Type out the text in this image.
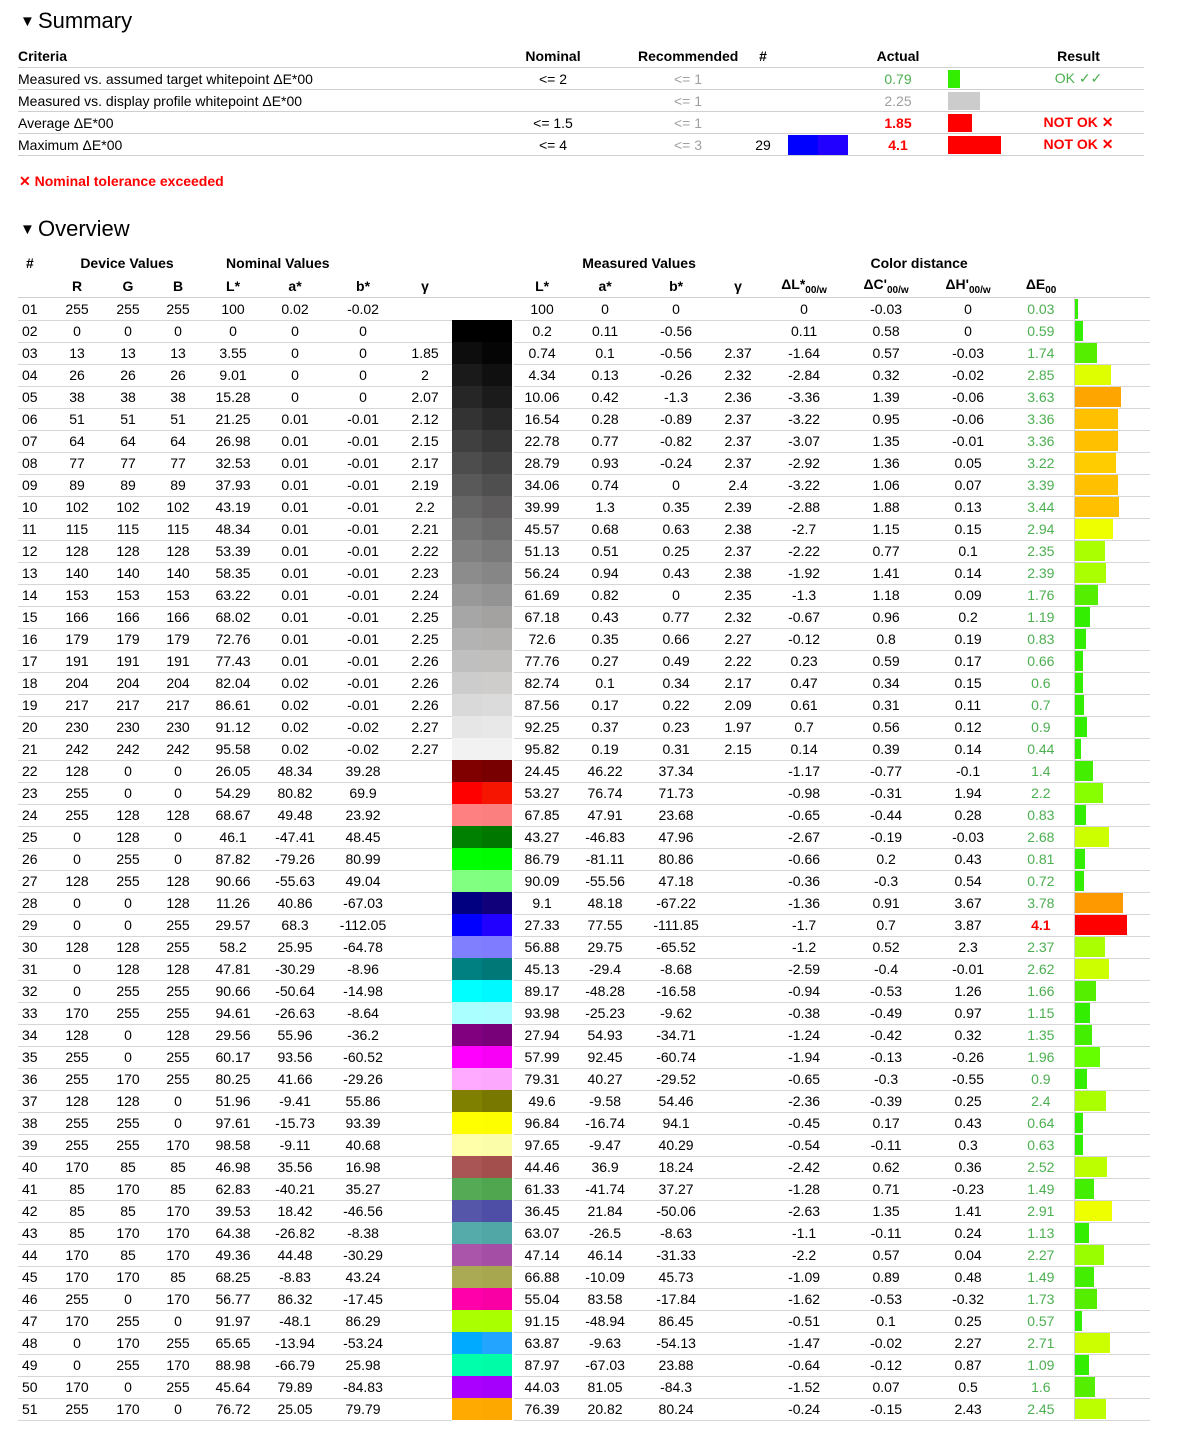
▼ Summary
Criteria	Nominal	Recommended	#		Actual		Result
Measured vs. assumed target whitepoint ΔE*00	<= 2	<= 1			0.79		OK ✓✓
Measured vs. display profile whitepoint ΔE*00		<= 1			2.25		
Average ΔE*00	<= 1.5	<= 1			1.85		NOT OK ✕
Maximum ΔE*00	<= 4	<= 3	29		4.1		NOT OK ✕
✕ Nominal tolerance exceeded
▼ Overview
#	Device Values			Nominal Values					Measured Values				Color distance				
	R	G	B	L*	a*	b*	γ		L*	a*	b*	γ	$\Delta L*_{00/w}$	$\Delta C'_{00/w}$	$\Delta H'_{00/w}$	$\Delta E_{00}$	
01	255	255	255	100	0.02	-0.02			100	0	0		0	-0.03	0	0.03	
02	0	0	0	0	0	0			0.2	0.11	-0.56		0.11	0.58	0	0.59	
03	13	13	13	3.55	0	0	1.85		0.74	0.1	-0.56	2.37	-1.64	0.57	-0.03	1.74	
04	26	26	26	9.01	0	0	2		4.34	0.13	-0.26	2.32	-2.84	0.32	-0.02	2.85	
05	38	38	38	15.28	0	0	2.07		10.06	0.42	-1.3	2.36	-3.36	1.39	-0.06	3.63	
06	51	51	51	21.25	0.01	-0.01	2.12		16.54	0.28	-0.89	2.37	-3.22	0.95	-0.06	3.36	
07	64	64	64	26.98	0.01	-0.01	2.15		22.78	0.77	-0.82	2.37	-3.07	1.35	-0.01	3.36	
08	77	77	77	32.53	0.01	-0.01	2.17		28.79	0.93	-0.24	2.37	-2.92	1.36	0.05	3.22	
09	89	89	89	37.93	0.01	-0.01	2.19		34.06	0.74	0	2.4	-3.22	1.06	0.07	3.39	
10	102	102	102	43.19	0.01	-0.01	2.2		39.99	1.3	0.35	2.39	-2.88	1.88	0.13	3.44	
11	115	115	115	48.34	0.01	-0.01	2.21		45.57	0.68	0.63	2.38	-2.7	1.15	0.15	2.94	
12	128	128	128	53.39	0.01	-0.01	2.22		51.13	0.51	0.25	2.37	-2.22	0.77	0.1	2.35	
13	140	140	140	58.35	0.01	-0.01	2.23		56.24	0.94	0.43	2.38	-1.92	1.41	0.14	2.39	
14	153	153	153	63.22	0.01	-0.01	2.24		61.69	0.82	0	2.35	-1.3	1.18	0.09	1.76	
15	166	166	166	68.02	0.01	-0.01	2.25		67.18	0.43	0.77	2.32	-0.67	0.96	0.2	1.19	
16	179	179	179	72.76	0.01	-0.01	2.25		72.6	0.35	0.66	2.27	-0.12	0.8	0.19	0.83	
17	191	191	191	77.43	0.01	-0.01	2.26		77.76	0.27	0.49	2.22	0.23	0.59	0.17	0.66	
18	204	204	204	82.04	0.02	-0.01	2.26		82.74	0.1	0.34	2.17	0.47	0.34	0.15	0.6	
19	217	217	217	86.61	0.02	-0.01	2.26		87.56	0.17	0.22	2.09	0.61	0.31	0.11	0.7	
20	230	230	230	91.12	0.02	-0.02	2.27		92.25	0.37	0.23	1.97	0.7	0.56	0.12	0.9	
21	242	242	242	95.58	0.02	-0.02	2.27		95.82	0.19	0.31	2.15	0.14	0.39	0.14	0.44	
22	128	0	0	26.05	48.34	39.28			24.45	46.22	37.34		-1.17	-0.77	-0.1	1.4	
23	255	0	0	54.29	80.82	69.9			53.27	76.74	71.73		-0.98	-0.31	1.94	2.2	
24	255	128	128	68.67	49.48	23.92			67.85	47.91	23.68		-0.65	-0.44	0.28	0.83	
25	0	128	0	46.1	-47.41	48.45			43.27	-46.83	47.96		-2.67	-0.19	-0.03	2.68	
26	0	255	0	87.82	-79.26	80.99			86.79	-81.11	80.86		-0.66	0.2	0.43	0.81	
27	128	255	128	90.66	-55.63	49.04			90.09	-55.56	47.18		-0.36	-0.3	0.54	0.72	
28	0	0	128	11.26	40.86	-67.03			9.1	48.18	-67.22		-1.36	0.91	3.67	3.78	
29	0	0	255	29.57	68.3	-112.05			27.33	77.55	-111.85		-1.7	0.7	3.87	4.1	
30	128	128	255	58.2	25.95	-64.78			56.88	29.75	-65.52		-1.2	0.52	2.3	2.37	
31	0	128	128	47.81	-30.29	-8.96			45.13	-29.4	-8.68		-2.59	-0.4	-0.01	2.62	
32	0	255	255	90.66	-50.64	-14.98			89.17	-48.28	-16.58		-0.94	-0.53	1.26	1.66	
33	170	255	255	94.61	-26.63	-8.64			93.98	-25.23	-9.62		-0.38	-0.49	0.97	1.15	
34	128	0	128	29.56	55.96	-36.2			27.94	54.93	-34.71		-1.24	-0.42	0.32	1.35	
35	255	0	255	60.17	93.56	-60.52			57.99	92.45	-60.74		-1.94	-0.13	-0.26	1.96	
36	255	170	255	80.25	41.66	-29.26			79.31	40.27	-29.52		-0.65	-0.3	-0.55	0.9	
37	128	128	0	51.96	-9.41	55.86			49.6	-9.58	54.46		-2.36	-0.39	0.25	2.4	
38	255	255	0	97.61	-15.73	93.39			96.84	-16.74	94.1		-0.45	0.17	0.43	0.64	
39	255	255	170	98.58	-9.11	40.68			97.65	-9.47	40.29		-0.54	-0.11	0.3	0.63	
40	170	85	85	46.98	35.56	16.98			44.46	36.9	18.24		-2.42	0.62	0.36	2.52	
41	85	170	85	62.83	-40.21	35.27			61.33	-41.74	37.27		-1.28	0.71	-0.23	1.49	
42	85	85	170	39.53	18.42	-46.56			36.45	21.84	-50.06		-2.63	1.35	1.41	2.91	
43	85	170	170	64.38	-26.82	-8.38			63.07	-26.5	-8.63		-1.1	-0.11	0.24	1.13	
44	170	85	170	49.36	44.48	-30.29			47.14	46.14	-31.33		-2.2	0.57	0.04	2.27	
45	170	170	85	68.25	-8.83	43.24			66.88	-10.09	45.73		-1.09	0.89	0.48	1.49	
46	255	0	170	56.77	86.32	-17.45			55.04	83.58	-17.84		-1.62	-0.53	-0.32	1.73	
47	170	255	0	91.97	-48.1	86.29			91.15	-48.94	86.45		-0.51	0.1	0.25	0.57	
48	0	170	255	65.65	-13.94	-53.24			63.87	-9.63	-54.13		-1.47	-0.02	2.27	2.71	
49	0	255	170	88.98	-66.79	25.98			87.97	-67.03	23.88		-0.64	-0.12	0.87	1.09	
50	170	0	255	45.64	79.89	-84.83			44.03	81.05	-84.3		-1.52	0.07	0.5	1.6	
51	255	170	0	76.72	25.05	79.79			76.39	20.82	80.24		-0.24	-0.15	2.43	2.45	
